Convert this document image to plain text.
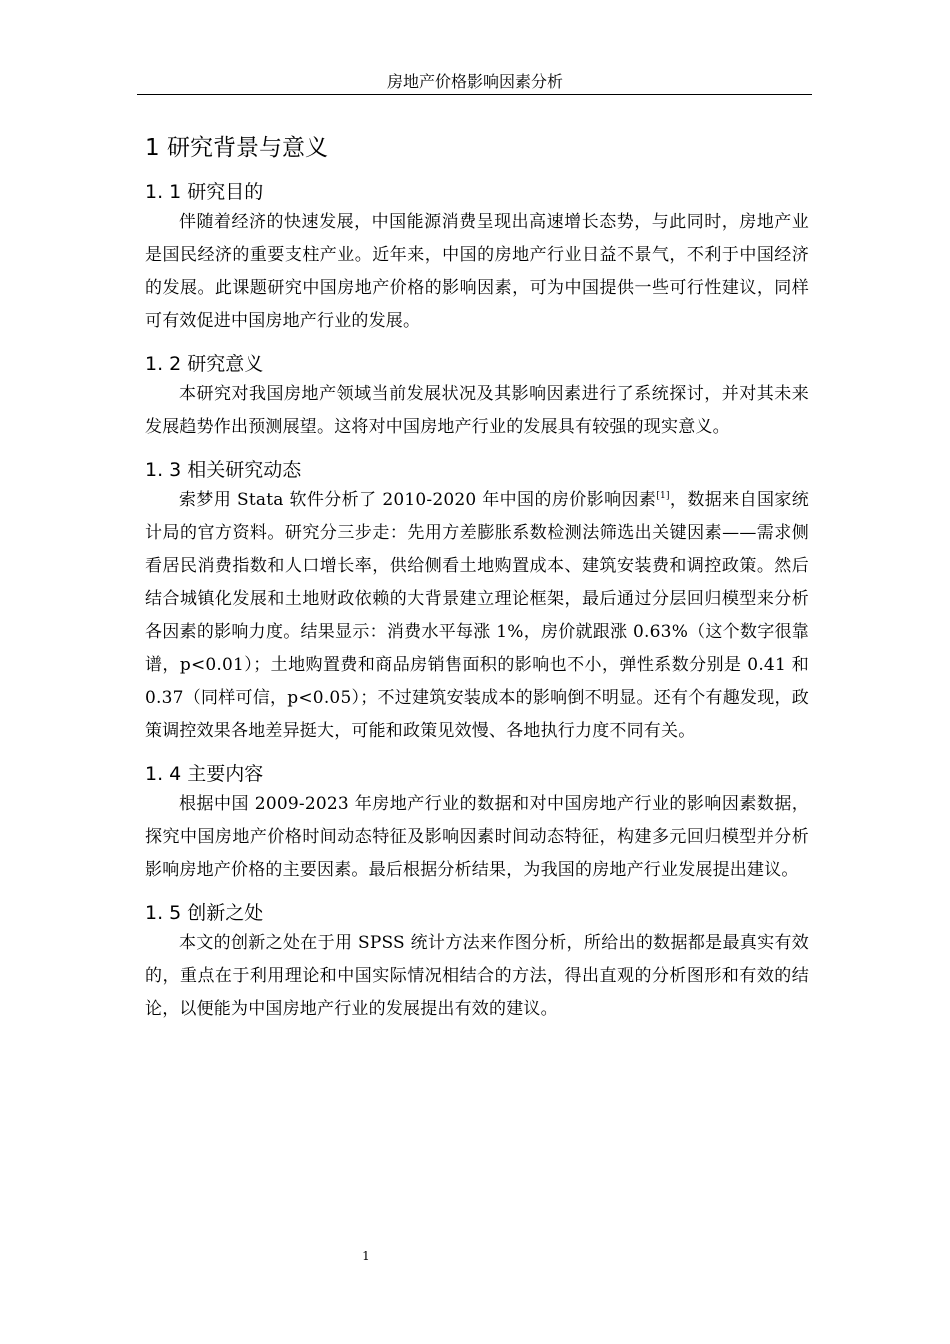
房地产价格影响因素分析
1 研究背景与意义
1. 1 研究目的

伴随着经济的快速发展，中国能源消费呈现出高速增长态势，与此同时，房地产业是国民经济的重要支柱产业。近年来，中国的房地产行业日益不景气，不利于中国经济的发展。此课题研究中国房地产价格的影响因素，可为中国提供一些可行性建议，同样可有效促进中国房地产行业的发展。

1. 2 研究意义

本研究对我国房地产领域当前发展状况及其影响因素进行了系统探讨，并对其未来发展趋势作出预测展望。这将对中国房地产行业的发展具有较强的现实意义。

1. 3 相关研究动态

索梦用 Stata 软件分析了 2010-2020 年中国的房价影响因素[1]，数据来自国家统计局的官方资料。研究分三步走：先用方差膨胀系数检测法筛选出关键因素——需求侧看居民消费指数和人口增长率，供给侧看土地购置成本、建筑安装费和调控政策。然后结合城镇化发展和土地财政依赖的大背景建立理论框架，最后通过分层回归模型来分析各因素的影响力度。结果显示：消费水平每涨 1%，房价就跟涨 0.63%（这个数字很靠谱，p<0.01）；土地购置费和商品房销售面积的影响也不小，弹性系数分别是 0.41 和 0.37（同样可信，p<0.05）；不过建筑安装成本的影响倒不明显。还有个有趣发现，政策调控效果各地差异挺大，可能和政策见效慢、各地执行力度不同有关。

1. 4 主要内容

根据中国 2009-2023 年房地产行业的数据和对中国房地产行业的影响因素数据，探究中国房地产价格时间动态特征及影响因素时间动态特征，构建多元回归模型并分析影响房地产价格的主要因素。最后根据分析结果，为我国的房地产行业发展提出建议。

1. 5 创新之处

本文的创新之处在于用 SPSS 统计方法来作图分析，所给出的数据都是最真实有效的，重点在于利用理论和中国实际情况相结合的方法，得出直观的分析图形和有效的结论，以便能为中国房地产行业的发展提出有效的建议。

1
